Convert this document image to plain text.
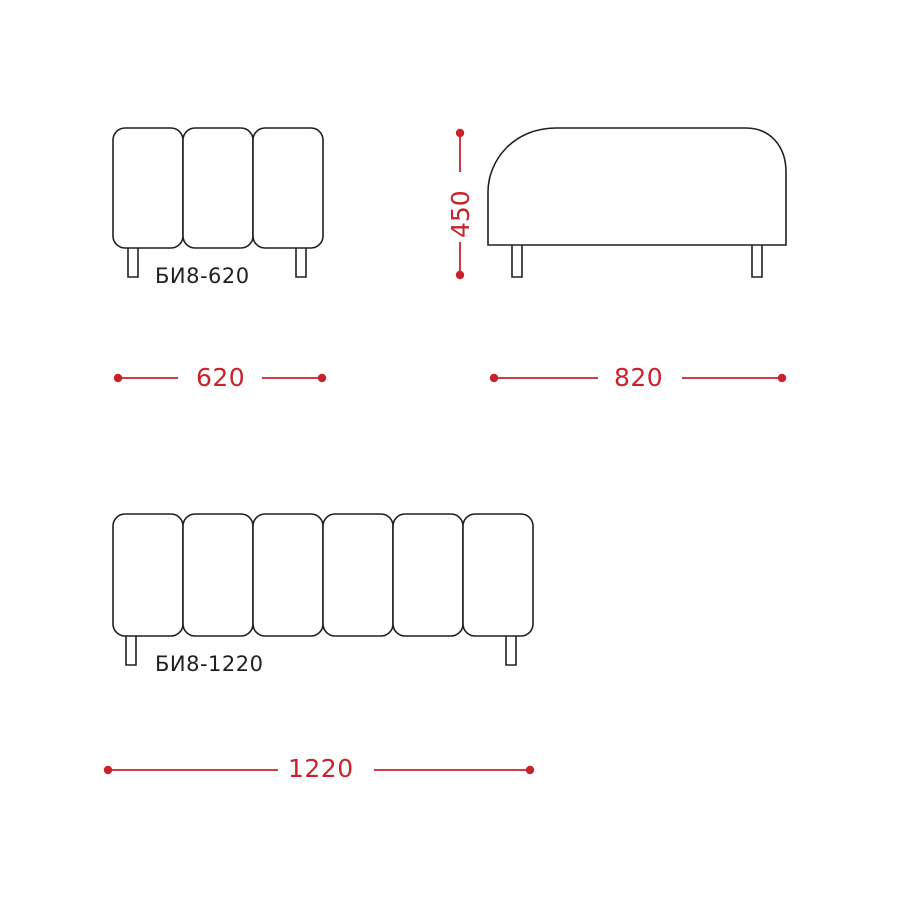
БИ8-620
620	820
450
БИ8-1220
1220
